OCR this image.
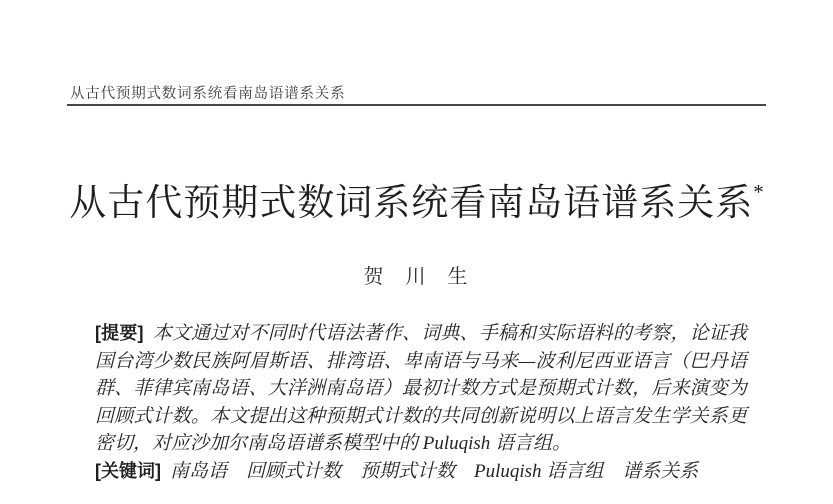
从古代预期式数词系统看南岛语谱系关系
从古代预期式数词系统看南岛语谱系关系*
贺 川 生

[提要] 本文通过对不同时代语法著作、词典、手稿和实际语料的考察，论证我国台湾少数民族阿眉斯语、排湾语、卑南语与马来—波利尼西亚语言（巴丹语群、菲律宾南岛语、大洋洲南岛语）最初计数方式是预期式计数，后来演变为回顾式计数。本文提出这种预期式计数的共同创新说明以上语言发生学关系更密切，对应沙加尔南岛语谱系模型中的 Puluqish 语言组。

[关键词] 南岛语　回顾式计数　预期式计数　Puluqish 语言组　谱系关系
